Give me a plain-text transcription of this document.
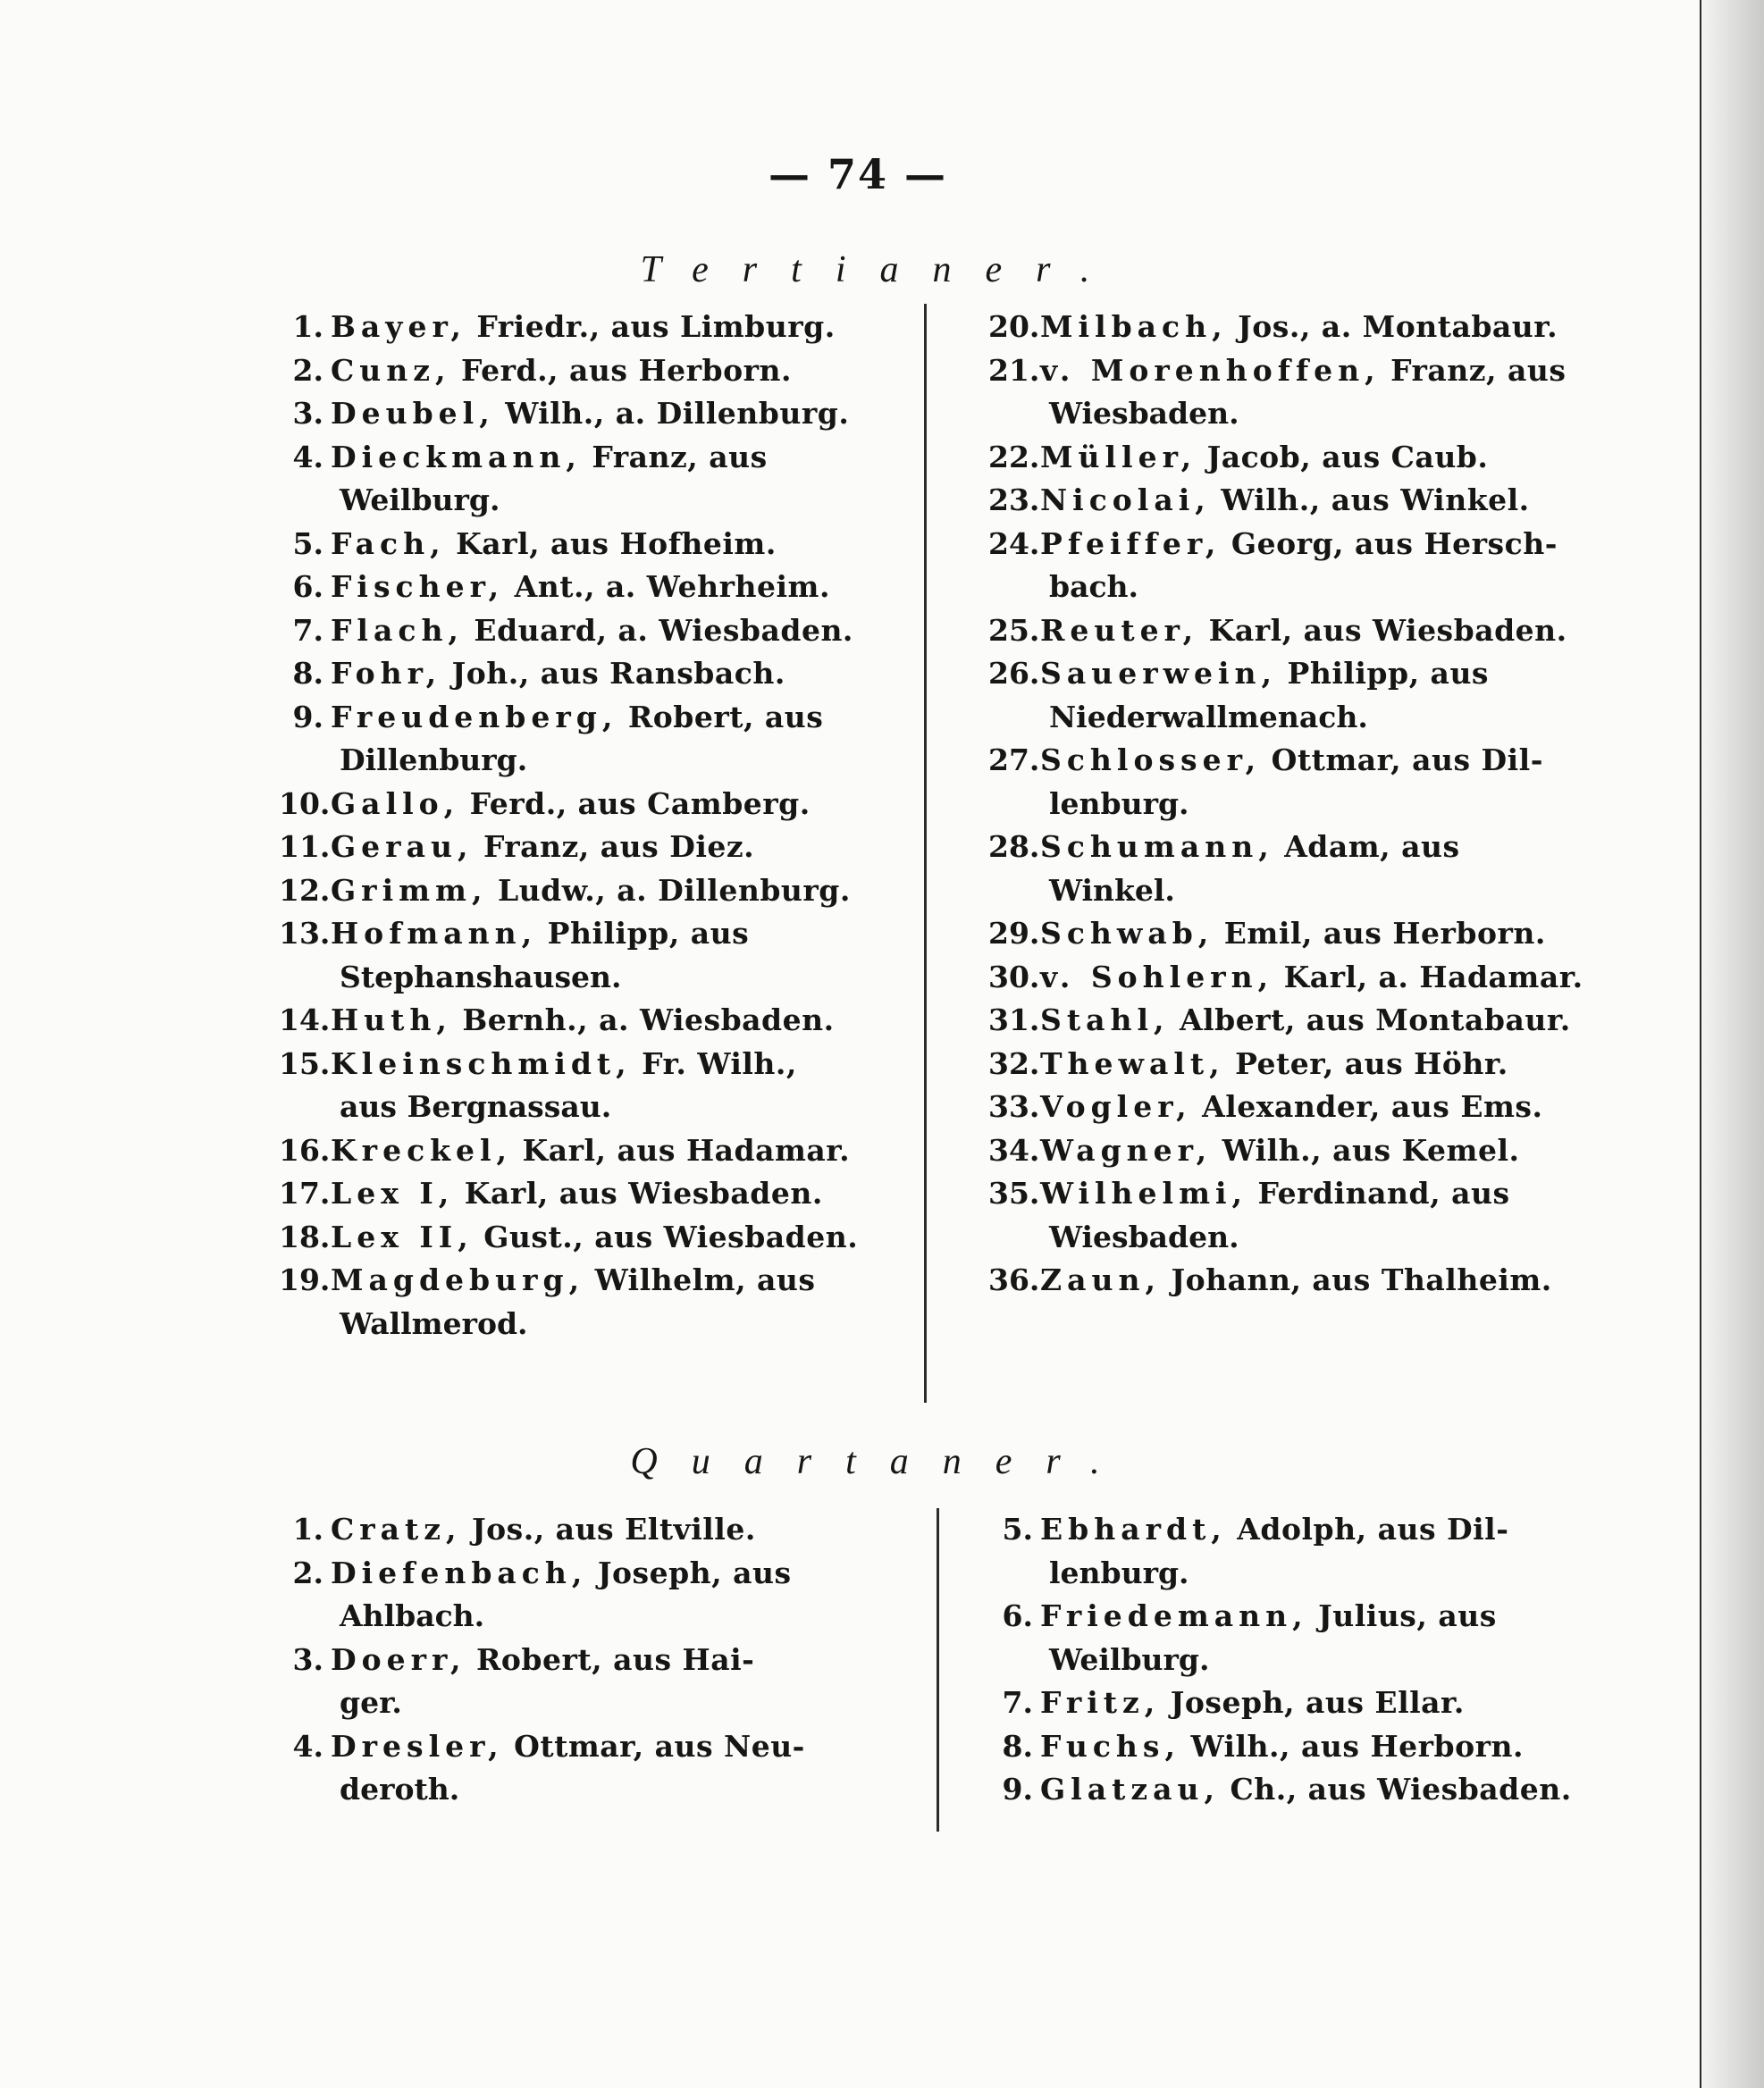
— 74 —
Tertianer.
1. Bayer, Friedr., aus Limburg.
2. Cunz, Ferd., aus Herborn.
3. Deubel, Wilh., a. Dillenburg.
4. Dieckmann, Franz, aus
Weilburg.
5. Fach, Karl, aus Hofheim.
6. Fischer, Ant., a. Wehrheim.
7. Flach, Eduard, a. Wiesbaden.
8. Fohr, Joh., aus Ransbach.
9. Freudenberg, Robert, aus
Dillenburg.
10. Gallo, Ferd., aus Camberg.
11. Gerau, Franz, aus Diez.
12. Grimm, Ludw., a. Dillenburg.
13. Hofmann, Philipp, aus
Stephanshausen.
14. Huth, Bernh., a. Wiesbaden.
15. Kleinschmidt, Fr. Wilh.,
aus Bergnassau.
16. Kreckel, Karl, aus Hadamar.
17. Lex I, Karl, aus Wiesbaden.
18. Lex II, Gust., aus Wiesbaden.
19. Magdeburg, Wilhelm, aus
Wallmerod.
20. Milbach, Jos., a. Montabaur.
21. v. Morenhoffen, Franz, aus
Wiesbaden.
22. Müller, Jacob, aus Caub.
23. Nicolai, Wilh., aus Winkel.
24. Pfeiffer, Georg, aus Hersch-
bach.
25. Reuter, Karl, aus Wiesbaden.
26. Sauerwein, Philipp, aus
Niederwallmenach.
27. Schlosser, Ottmar, aus Dil-
lenburg.
28. Schumann, Adam, aus
Winkel.
29. Schwab, Emil, aus Herborn.
30. v. Sohlern, Karl, a. Hadamar.
31. Stahl, Albert, aus Montabaur.
32. Thewalt, Peter, aus Höhr.
33. Vogler, Alexander, aus Ems.
34. Wagner, Wilh., aus Kemel.
35. Wilhelmi, Ferdinand, aus
Wiesbaden.
36. Zaun, Johann, aus Thalheim.
Quartaner.
1. Cratz, Jos., aus Eltville.
2. Diefenbach, Joseph, aus
Ahlbach.
3. Doerr, Robert, aus Hai-
ger.
4. Dresler, Ottmar, aus Neu-
deroth.
5. Ebhardt, Adolph, aus Dil-
lenburg.
6. Friedemann, Julius, aus
Weilburg.
7. Fritz, Joseph, aus Ellar.
8. Fuchs, Wilh., aus Herborn.
9. Glatzau, Ch., aus Wiesbaden.
